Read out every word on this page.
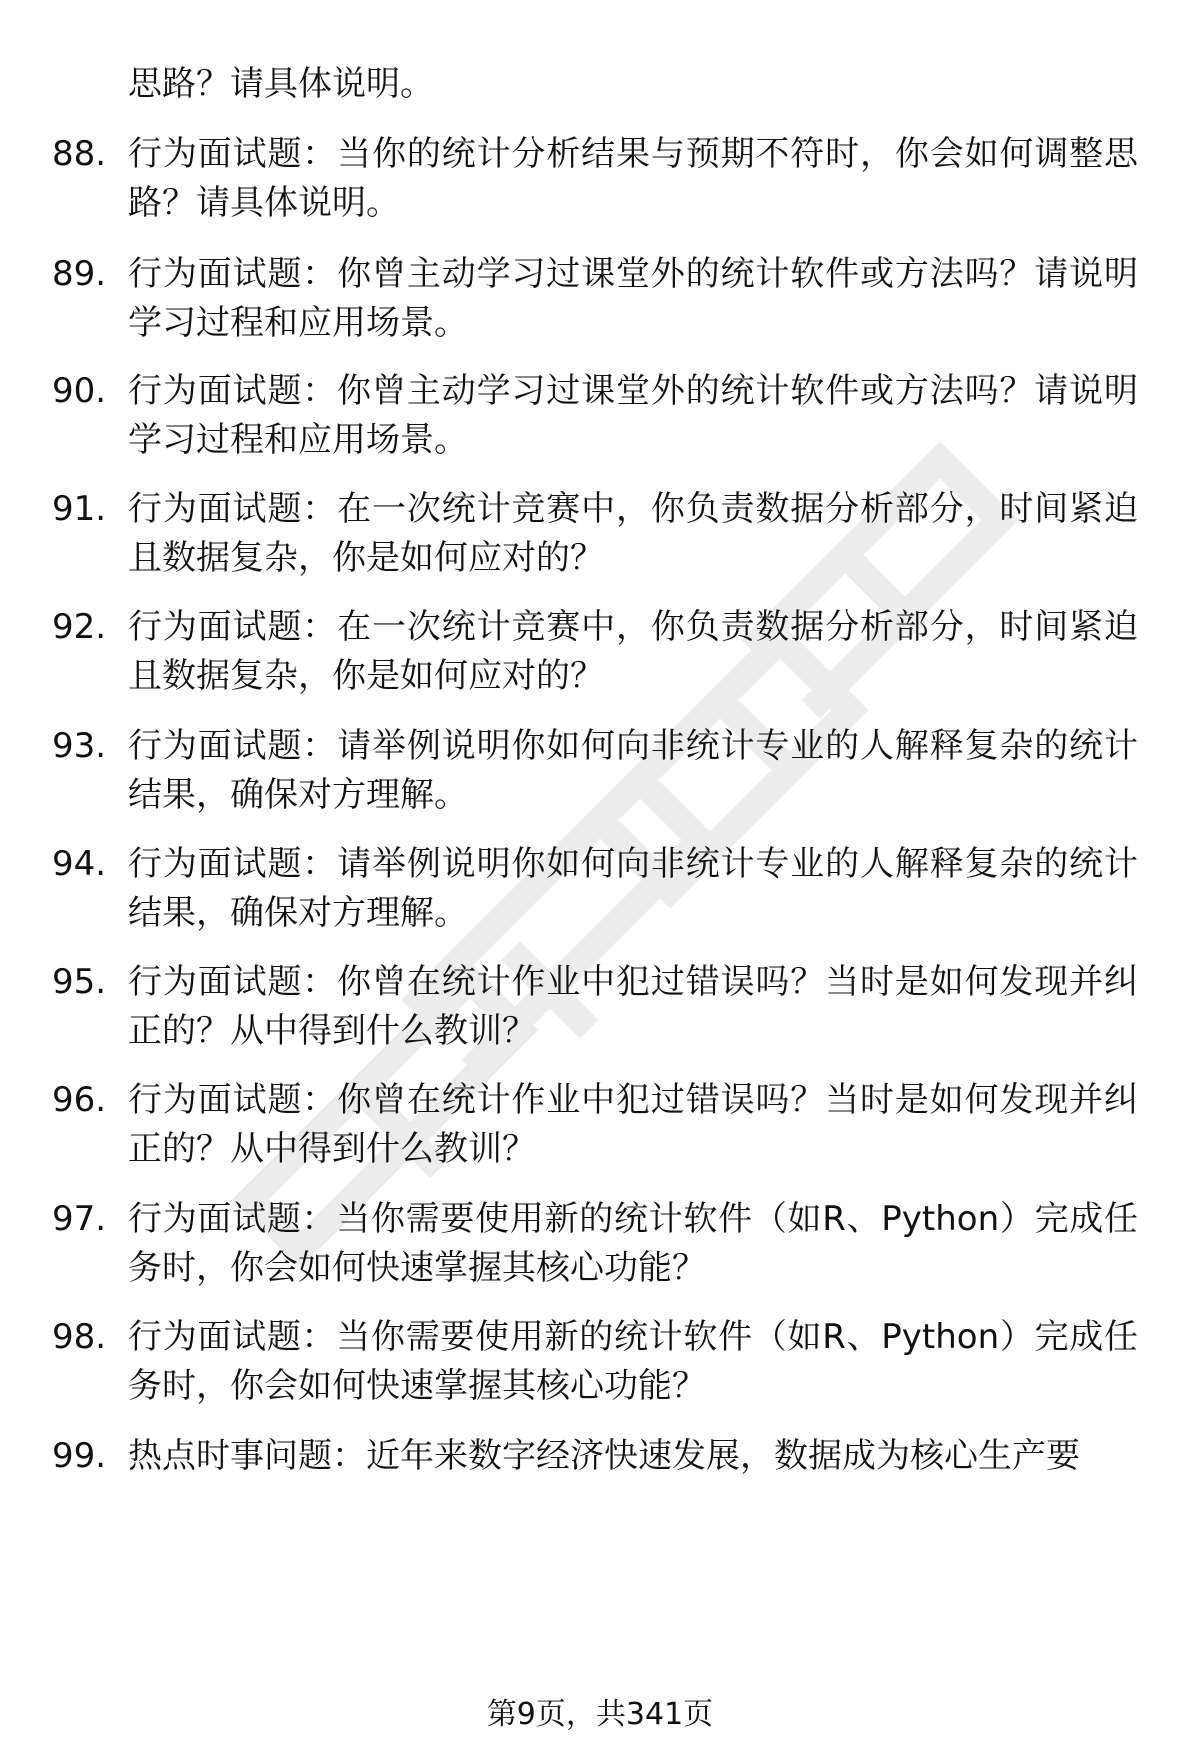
思路？请具体说明。
88. 行为面试题：当你的统计分析结果与预期不符时，你会如何调整思路？请具体说明。
89. 行为面试题：你曾主动学习过课堂外的统计软件或方法吗？请说明学习过程和应用场景。
90. 行为面试题：你曾主动学习过课堂外的统计软件或方法吗？请说明学习过程和应用场景。
91. 行为面试题：在一次统计竞赛中，你负责数据分析部分，时间紧迫且数据复杂，你是如何应对的？
92. 行为面试题：在一次统计竞赛中，你负责数据分析部分，时间紧迫且数据复杂，你是如何应对的？
93. 行为面试题：请举例说明你如何向非统计专业的人解释复杂的统计结果，确保对方理解。
94. 行为面试题：请举例说明你如何向非统计专业的人解释复杂的统计结果，确保对方理解。
95. 行为面试题：你曾在统计作业中犯过错误吗？当时是如何发现并纠正的？从中得到什么教训？
96. 行为面试题：你曾在统计作业中犯过错误吗？当时是如何发现并纠正的？从中得到什么教训？
97. 行为面试题：当你需要使用新的统计软件（如R、Python）完成任务时，你会如何快速掌握其核心功能？
98. 行为面试题：当你需要使用新的统计软件（如R、Python）完成任务时，你会如何快速掌握其核心功能？
99. 热点时事问题：近年来数字经济快速发展，数据成为核心生产要
第9页，共341页
